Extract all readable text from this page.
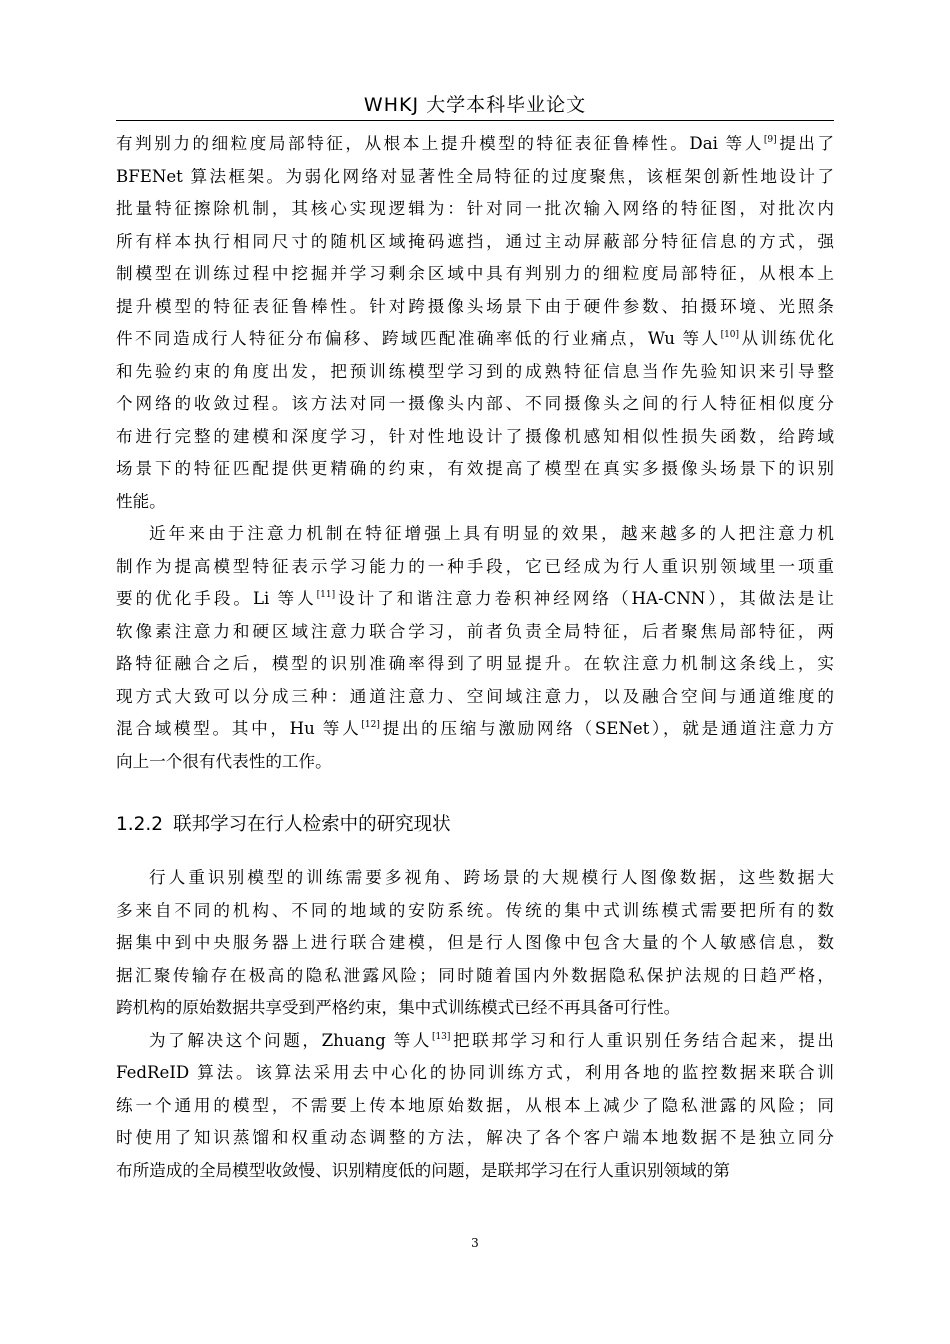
WHKJ 大学本科毕业论文
有判别力的细粒度局部特征，从根本上提升模型的特征表征鲁棒性。Dai 等人[9]提出了
BFENet 算法框架。为弱化网络对显著性全局特征的过度聚焦，该框架创新性地设计了
批量特征擦除机制，其核心实现逻辑为：针对同一批次输入网络的特征图，对批次内
所有样本执行相同尺寸的随机区域掩码遮挡，通过主动屏蔽部分特征信息的方式，强
制模型在训练过程中挖掘并学习剩余区域中具有判别力的细粒度局部特征，从根本上
提升模型的特征表征鲁棒性。针对跨摄像头场景下由于硬件参数、拍摄环境、光照条
件不同造成行人特征分布偏移、跨域匹配准确率低的行业痛点，Wu 等人[10]从训练优化
和先验约束的角度出发，把预训练模型学习到的成熟特征信息当作先验知识来引导整
个网络的收敛过程。该方法对同一摄像头内部、不同摄像头之间的行人特征相似度分
布进行完整的建模和深度学习，针对性地设计了摄像机感知相似性损失函数，给跨域
场景下的特征匹配提供更精确的约束，有效提高了模型在真实多摄像头场景下的识别
性能。
近年来由于注意力机制在特征增强上具有明显的效果，越来越多的人把注意力机
制作为提高模型特征表示学习能力的一种手段，它已经成为行人重识别领域里一项重
要的优化手段。Li 等人[11]设计了和谐注意力卷积神经网络（HA-CNN），其做法是让
软像素注意力和硬区域注意力联合学习，前者负责全局特征，后者聚焦局部特征，两
路特征融合之后，模型的识别准确率得到了明显提升。在软注意力机制这条线上，实
现方式大致可以分成三种：通道注意力、空间域注意力，以及融合空间与通道维度的
混合域模型。其中，Hu 等人[12]提出的压缩与激励网络（SENet），就是通道注意力方
向上一个很有代表性的工作。
1.2.2 联邦学习在行人检索中的研究现状
行人重识别模型的训练需要多视角、跨场景的大规模行人图像数据，这些数据大
多来自不同的机构、不同的地域的安防系统。传统的集中式训练模式需要把所有的数
据集中到中央服务器上进行联合建模，但是行人图像中包含大量的个人敏感信息，数
据汇聚传输存在极高的隐私泄露风险；同时随着国内外数据隐私保护法规的日趋严格，
跨机构的原始数据共享受到严格约束，集中式训练模式已经不再具备可行性。
为了解决这个问题，Zhuang 等人[13]把联邦学习和行人重识别任务结合起来，提出
FedReID 算法。该算法采用去中心化的协同训练方式，利用各地的监控数据来联合训
练一个通用的模型，不需要上传本地原始数据，从根本上减少了隐私泄露的风险；同
时使用了知识蒸馏和权重动态调整的方法，解决了各个客户端本地数据不是独立同分
布所造成的全局模型收敛慢、识别精度低的问题，是联邦学习在行人重识别领域的第
3
